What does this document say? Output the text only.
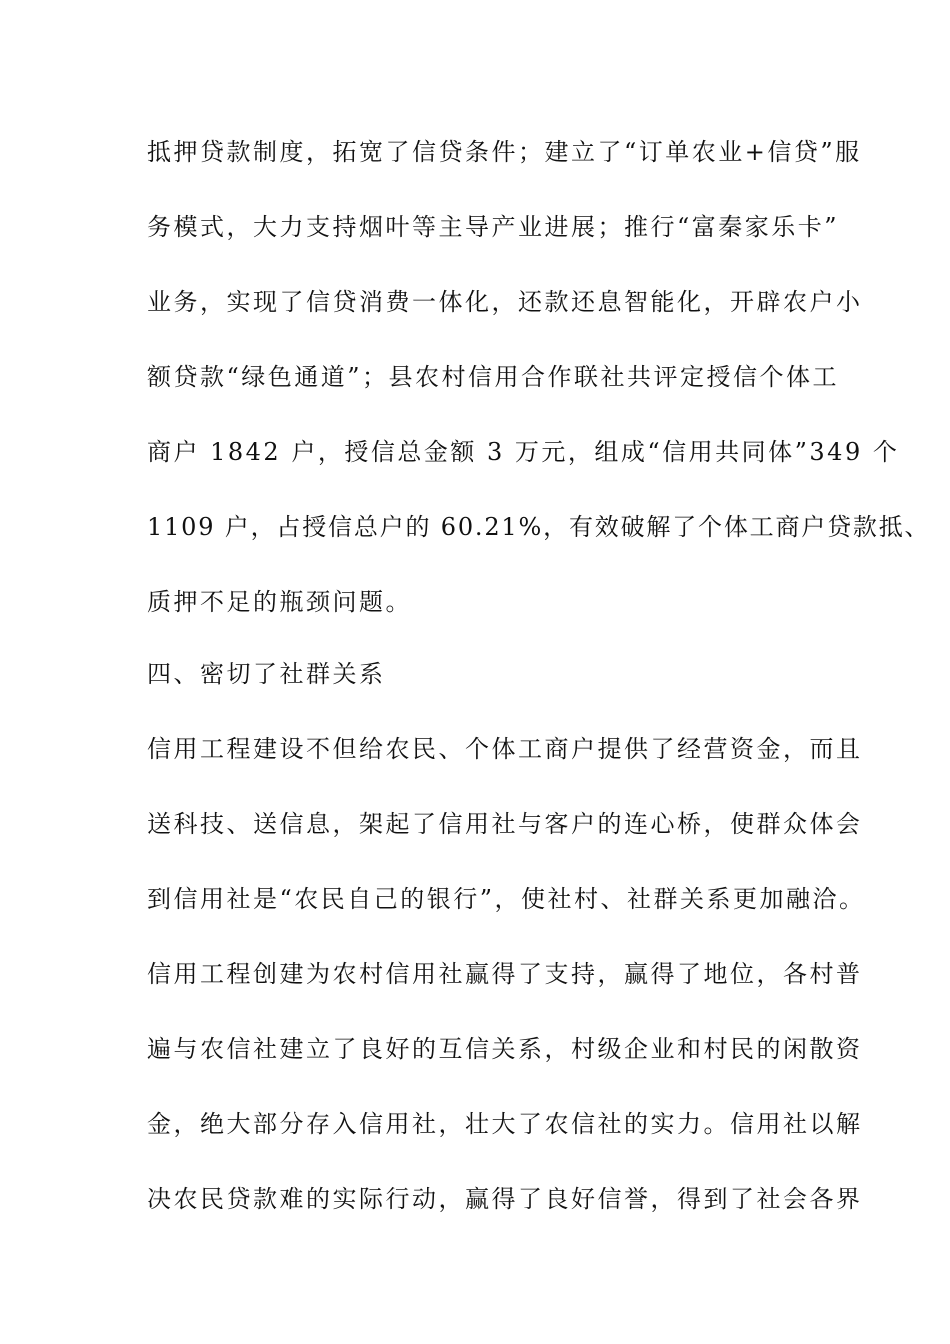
抵押贷款制度，拓宽了信贷条件；建立了“订单农业+信贷”服
务模式，大力支持烟叶等主导产业进展；推行“富秦家乐卡”
业务，实现了信贷消费一体化，还款还息智能化，开辟农户小
额贷款“绿色通道”；县农村信用合作联社共评定授信个体工
商户 1842 户，授信总金额 3 万元，组成“信用共同体”349 个
1109 户，占授信总户的 60.21%，有效破解了个体工商户贷款抵、
质押不足的瓶颈问题。
四、密切了社群关系
信用工程建设不但给农民、个体工商户提供了经营资金，而且
送科技、送信息，架起了信用社与客户的连心桥，使群众体会
到信用社是“农民自己的银行”，使社村、社群关系更加融洽。
信用工程创建为农村信用社赢得了支持，赢得了地位，各村普
遍与农信社建立了良好的互信关系，村级企业和村民的闲散资
金，绝大部分存入信用社，壮大了农信社的实力。信用社以解
决农民贷款难的实际行动，赢得了良好信誉，得到了社会各界
